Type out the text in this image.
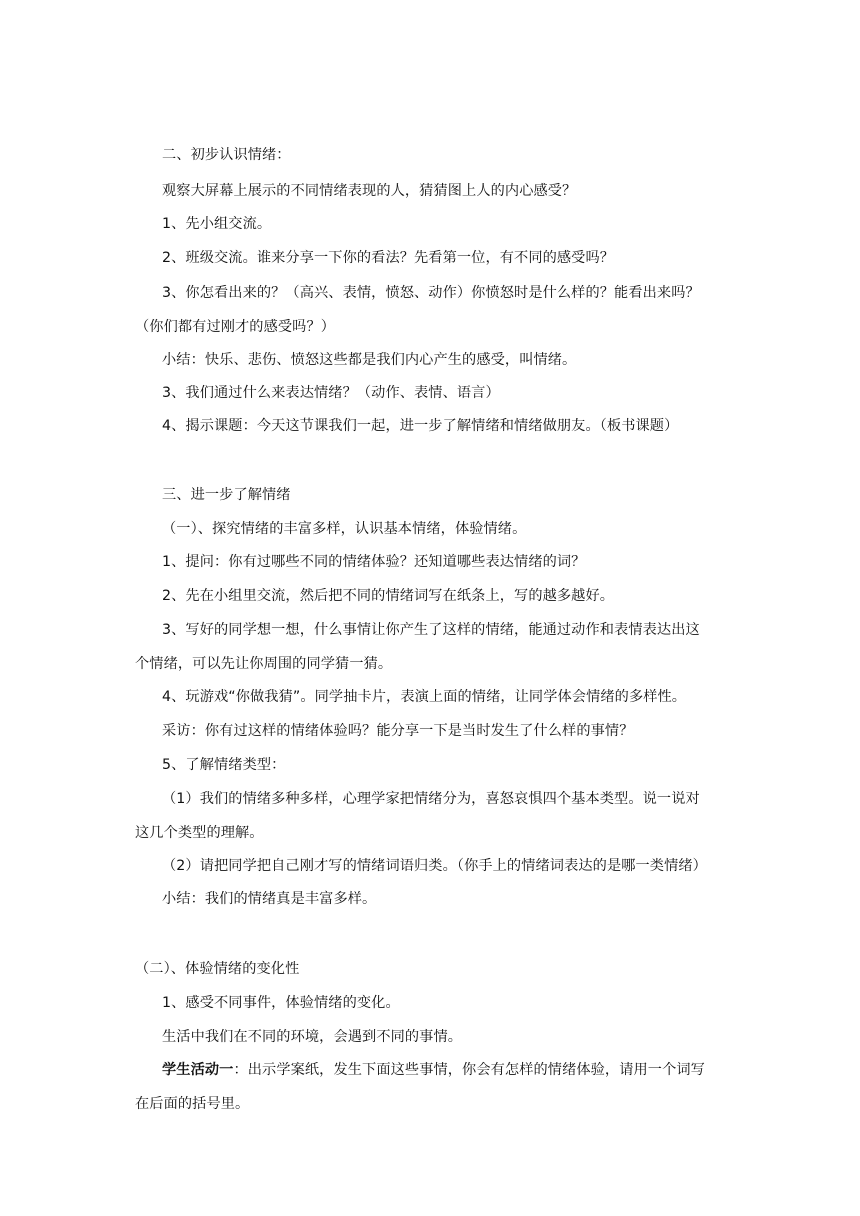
二、初步认识情绪：
观察大屏幕上展示的不同情绪表现的人，猜猜图上人的内心感受？
1、先小组交流。
2、班级交流。谁来分享一下你的看法？先看第一位，有不同的感受吗？
3、你怎看出来的？（高兴、表情，愤怒、动作）你愤怒时是什么样的？能看出来吗？
（你们都有过刚才的感受吗？）
小结：快乐、悲伤、愤怒这些都是我们内心产生的感受，叫情绪。
3、我们通过什么来表达情绪？（动作、表情、语言）
4、揭示课题：今天这节课我们一起，进一步了解情绪和情绪做朋友。（板书课题）
三、进一步了解情绪
（一）、探究情绪的丰富多样，认识基本情绪，体验情绪。
1、提问：你有过哪些不同的情绪体验？还知道哪些表达情绪的词？
2、先在小组里交流，然后把不同的情绪词写在纸条上，写的越多越好。
3、写好的同学想一想，什么事情让你产生了这样的情绪，能通过动作和表情表达出这
个情绪，可以先让你周围的同学猜一猜。
4、玩游戏“你做我猜”。同学抽卡片，表演上面的情绪，让同学体会情绪的多样性。
采访：你有过这样的情绪体验吗？能分享一下是当时发生了什么样的事情？
5、了解情绪类型：
（1）我们的情绪多种多样，心理学家把情绪分为，喜怒哀惧四个基本类型。说一说对
这几个类型的理解。
（2）请把同学把自己刚才写的情绪词语归类。（你手上的情绪词表达的是哪一类情绪）
小结：我们的情绪真是丰富多样。
（二）、体验情绪的变化性
1、感受不同事件，体验情绪的变化。
生活中我们在不同的环境，会遇到不同的事情。
学生活动一：出示学案纸，发生下面这些事情，你会有怎样的情绪体验，请用一个词写
在后面的括号里。
